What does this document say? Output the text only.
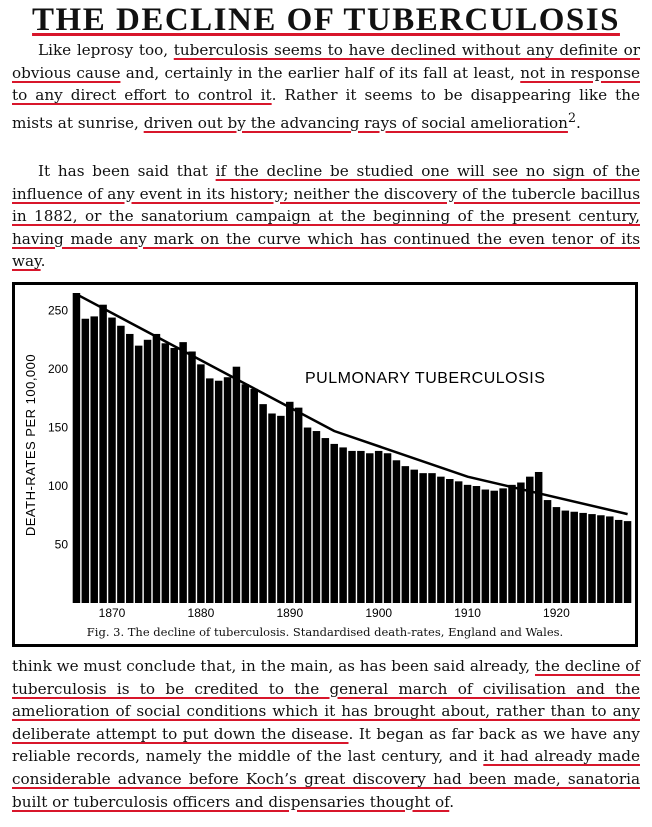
THE DECLINE OF TUBERCULOSIS

Like leprosy too, tuberculosis seems to have declined without any definite or obvious cause and, certainly in the earlier half of its fall at least, not in response to any direct effort to control it. Rather it seems to be disappearing like the mists at sunrise, driven out by the advancing rays of social amelioration$^2$.

It has been said that if the decline be studied one will see no sign of the influence of any event in its history; neither the discovery of the tubercle bacillus in 1882, or the sanatorium campaign at the beginning of the present century, having made any mark on the curve which has continued the even tenor of its way.

DEATH-RATES PER 100,000	PULMONARY TUBERCULOSIS
50
100
150
200
250
1870	1880	1890	1900	1910	1920
Fig. 3. The decline of tuberculosis. Standardised death-rates, England and Wales.

think we must conclude that, in the main, as has been said already, the decline of tuberculosis is to be credited to the general march of civilisation and the amelioration of social conditions which it has brought about, rather than to any deliberate attempt to put down the disease. It began as far back as we have any reliable records, namely the middle of the last century, and it had already made considerable advance before Koch’s great discovery had been made, sanatoria built or tuberculosis officers and dispensaries thought of.
